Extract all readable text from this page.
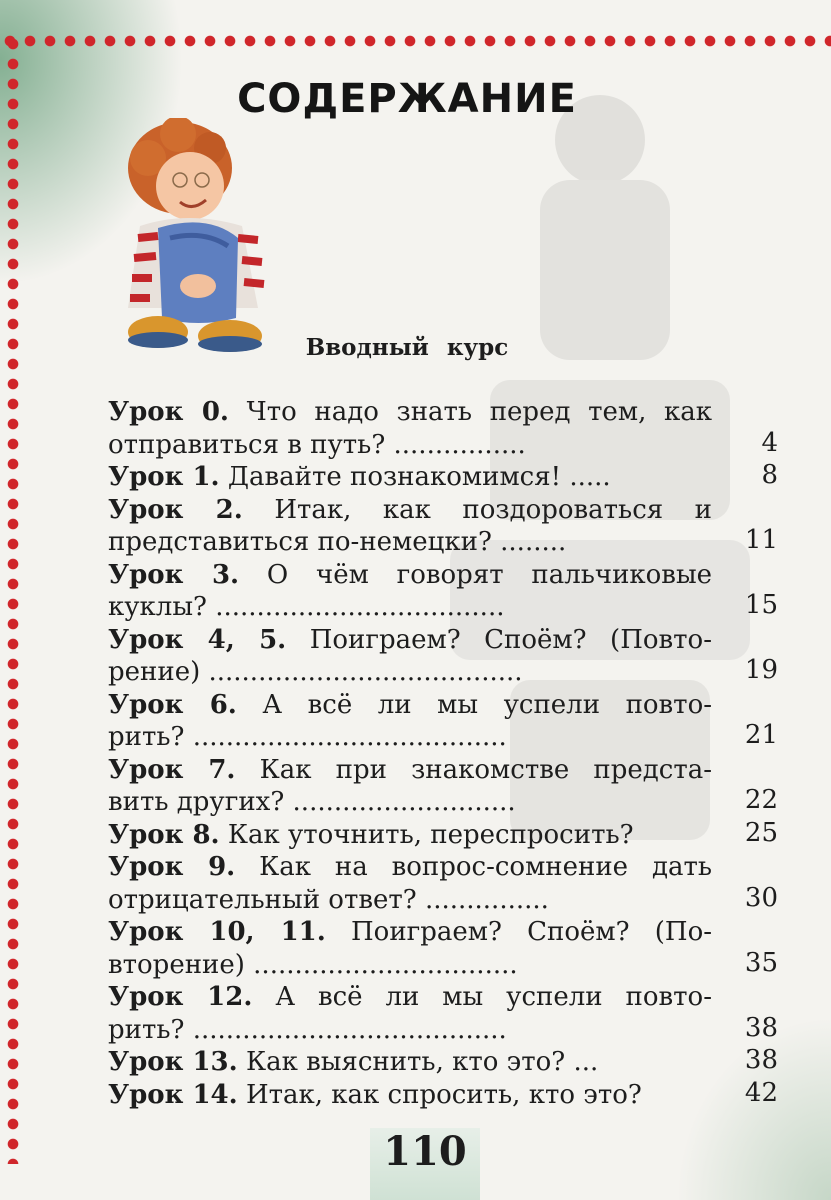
СОДЕРЖАНИЕ
Вводный курс
Урок 0. Что надо знать перед тем, как
отправиться в путь? ................	4
Урок 1. Давайте познакомимся! .....	8
Урок 2. Итак, как поздороваться и
представиться по-немецки? ........	11
Урок 3. О чём говорят пальчиковые
куклы? ...................................	15
Урок 4, 5. Поиграем? Споём? (Повто-
рение) ......................................	19
Урок 6. А всё ли мы успели повто-
рить? ......................................	21
Урок 7. Как при знакомстве предста-
вить других? ...........................	22
Урок 8. Как уточнить, переспросить?	25
Урок 9. Как на вопрос-сомнение дать
отрицательный ответ? ...............	30
Урок 10, 11. Поиграем? Споём? (По-
вторение) ................................	35
Урок 12. А всё ли мы успели повто-
рить? ......................................	38
Урок 13. Как выяснить, кто это? ...	38
Урок 14. Итак, как спросить, кто это?	42
110
